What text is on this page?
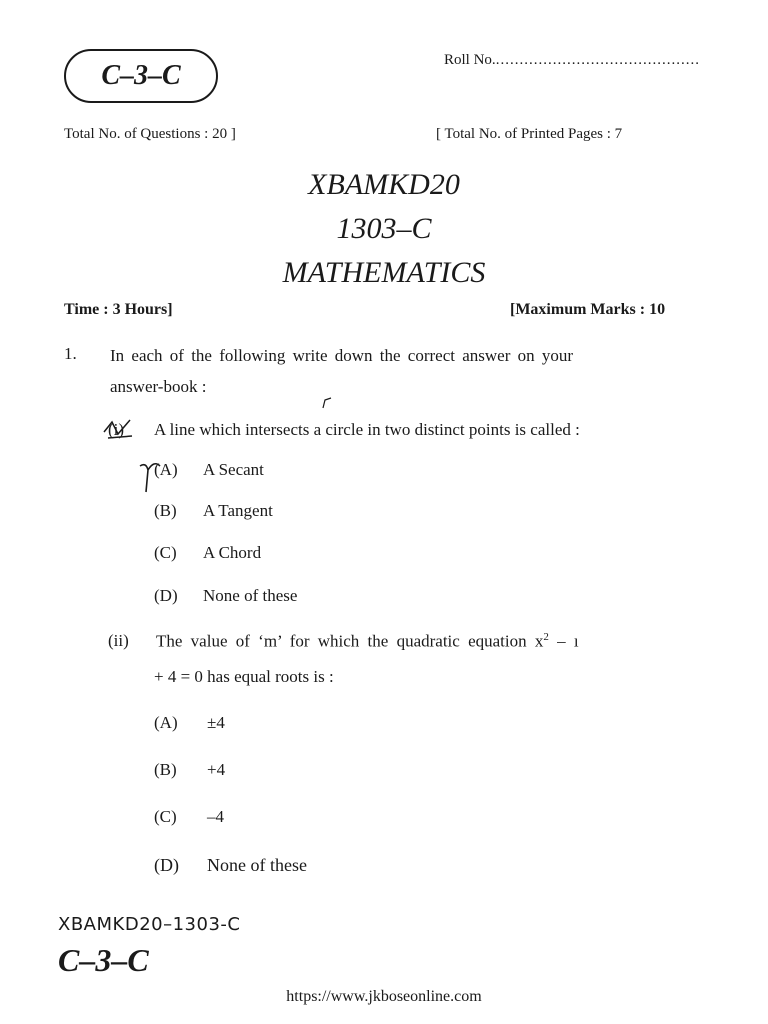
C–3–C	Roll No............................................
Total No. of Questions : 20 ]	[ Total No. of Printed Pages : 7
XBAMKD20
1303–C
MATHEMATICS
Time : 3 Hours]	[Maximum Marks : 10
1. In each of the following write down the correct answer on your
answer-book :
(i) A line which intersects a circle in two distinct points is called :
(A) A Secant
(B) A Tangent
(C) A Chord
(D) None of these
(ii) The value of ‘m’ for which the quadratic equation $x^2$ – ı
+ 4 = 0 has equal roots is :
(A) ±4
(B) +4
(C) –4
(D) None of these
XBAMKD20–1303-C
C–3–C
https://www.jkboseonline.com
